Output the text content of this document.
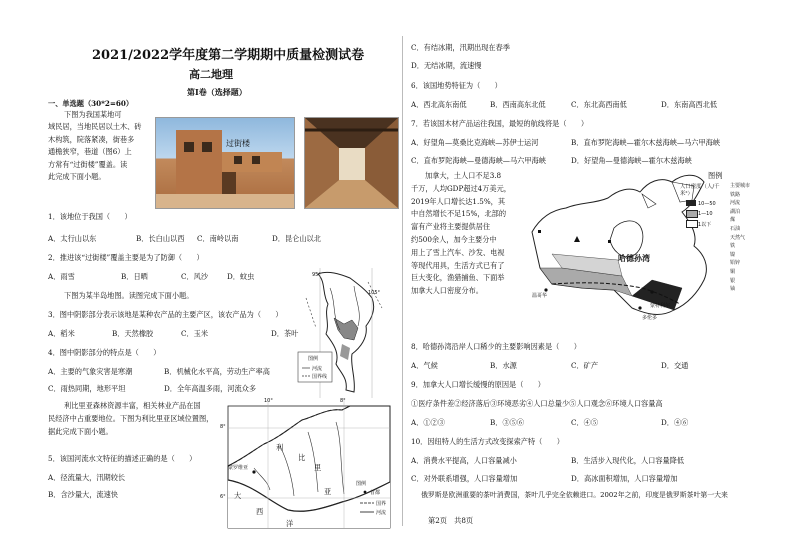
2021/2022学年度第二学期期中质量检测试卷
高二地理
第Ⅰ卷（选择题）
一、单选题（30*2=60）
下图为我国某地可
域民居，当地民居以土木、砖
木构筑，院落紧凑，街巷多
通檐狭窄，巷道（图6）上
方常有“过街楼”覆盖。读
此完成下面小题。
过街楼
1．该地位于我国（　　）
A．太行山以东	B．长白山以西 C．南岭以南	D．昆仑山以北
2．推进该“过街楼”覆盖主要是为了防御（　　）
A．雨雪	B．日晒	C．风沙	D．蚊虫
下图为某半岛地图。读图完成下面小题。
3．图中阴影部分表示该地是某种农产品的主要产区，该农产品为（　　）
A．稻米	B．天然橡胶	C．玉米	D．茶叶
4．图中阴影部分的特点是（　　）
A．主要的气象灾害是寒潮	B．机械化水平高，劳动生产率高
C．雨热同期，地形平坦	D．全年高温多雨，河流众多
利比里亚森林资源丰富，相关林业产品在国
民经济中占重要地位。下图为利比里亚区域位置图，
据此完成下面小题。
5．该国河流水文特征的描述正确的是（　　）
A．径流量大，汛期较长
B．含沙量大，流速快
95°
105°
图例
河流
国界线
10°	8°
8°
6°
蒙罗维亚
利
比
里
亚
大
西
洋
图例
首都
国界
河流
C．有结冰期，汛期出现在春季
D．无结冰期，流速慢
6．该国地势特征为（　　）
A．西北高东南低	B．西南高东北低	C．东北高西南低	D．东南高西北低
7．若该国木材产品运往我国，最短的航线将是（　　）
A．好望角—莫桑比克海峡—苏伊士运河	B．直布罗陀海峡—霍尔木兹海峡—马六甲海峡
C．直布罗陀海峡—曼德海峡—马六甲海峡	D．好望角—曼德海峡—霍尔木兹海峡
加拿大，土人口不足3.8
千万，人均GDP超过4万美元，
2019年人口增长达1.5%，其
中自然增长不足15%，北部的
富有产业将主要提供居住
约500余人，加今主要分中
用上了雪上汽车、沙发、电视
等现代用具，生活方式已有了
巨大变化，渔猎捕鱼、下面举
加拿大人口密度分布。
哈德孙湾
温哥华
蒙特利尔
多伦多
图例
人口密度（人/千米²）
10—50
1—10
1以下
主要城市
铁路
河流
湖泊
煤
石油
天然气
铁
镍
铅锌
铜
银
铀
8．哈德孙湾沿岸人口稀少的主要影响因素是（　　）
A．气候	B．水源	C．矿产	D．交通
9．加拿大人口增长缓慢的原因是（　　）
①医疗条件差②经济落后③环境恶劣④人口总量少⑤人口观念⑥环境人口容量高
A．①②③	B．③⑤⑥	C．④⑤	D．④⑥
10．因纽特人的生活方式改变探索产特（　　）
A．消费水平提高，人口容量减小	B．生活步入现代化，人口容量降低
C．对外联系增强，人口容量增加	D．高冰面积增加，人口容量增加
俄罗斯是欧洲重要的茶叶消费国，茶叶几乎完全依赖进口。2002年之前，印度是俄罗斯茶叶第一大来
第2页　共8页
